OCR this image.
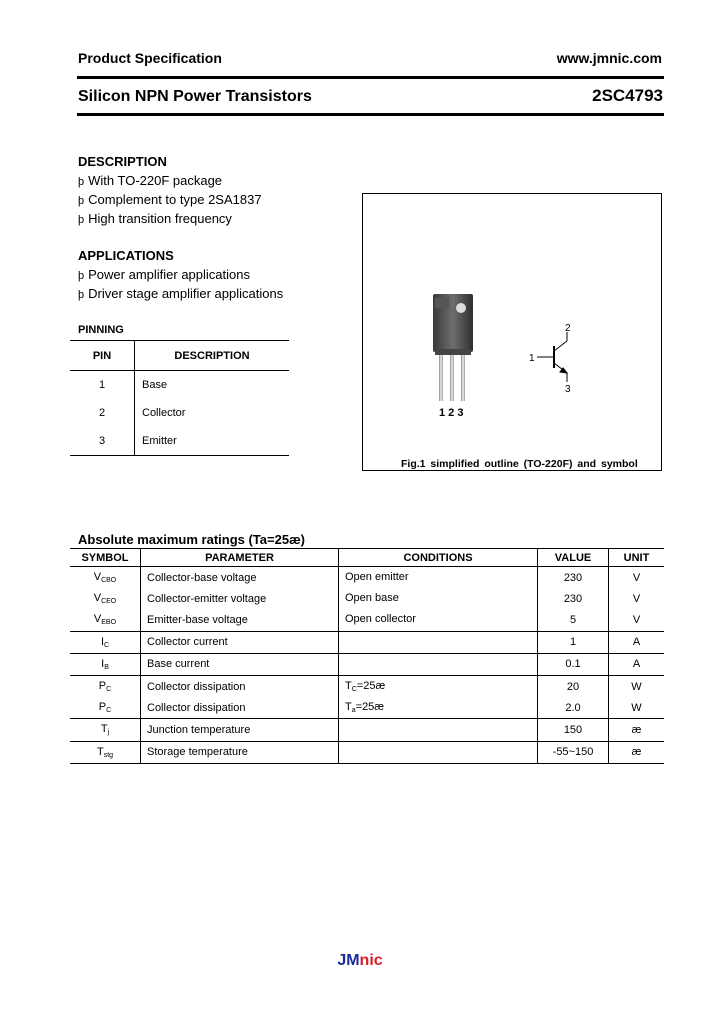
Product Specification	www.jmnic.com
Silicon NPN Power Transistors	2SC4793
DESCRIPTION
þ With TO-220F package
þ Complement to type 2SA1837
þ High transition frequency
APPLICATIONS
þ Power amplifier applications
þ Driver stage amplifier applications
PINNING
PIN	DESCRIPTION
1	Base
2	Collector
3	Emitter
1 2 3
1
2
3
Fig.1 simplified outline (TO-220F) and symbol
Absolute maximum ratings (Ta=25æ)
SYMBOL	PARAMETER	CONDITIONS	VALUE	UNIT
$V_{CBO}$	Collector-base voltage	Open emitter	230	V
$V_{CEO}$	Collector-emitter voltage	Open base	230	V
$V_{EBO}$	Emitter-base voltage	Open collector	5	V
$I_C$	Collector current		1	A
$I_B$	Base current		0.1	A
$P_C$	Collector dissipation	$T_C=25æ$	20	W
$P_C$	Collector dissipation	$T_a=25æ$	2.0	W
$T_j$	Junction temperature		150	æ
$T_{stg}$	Storage temperature		-55~150	æ
JMnic
